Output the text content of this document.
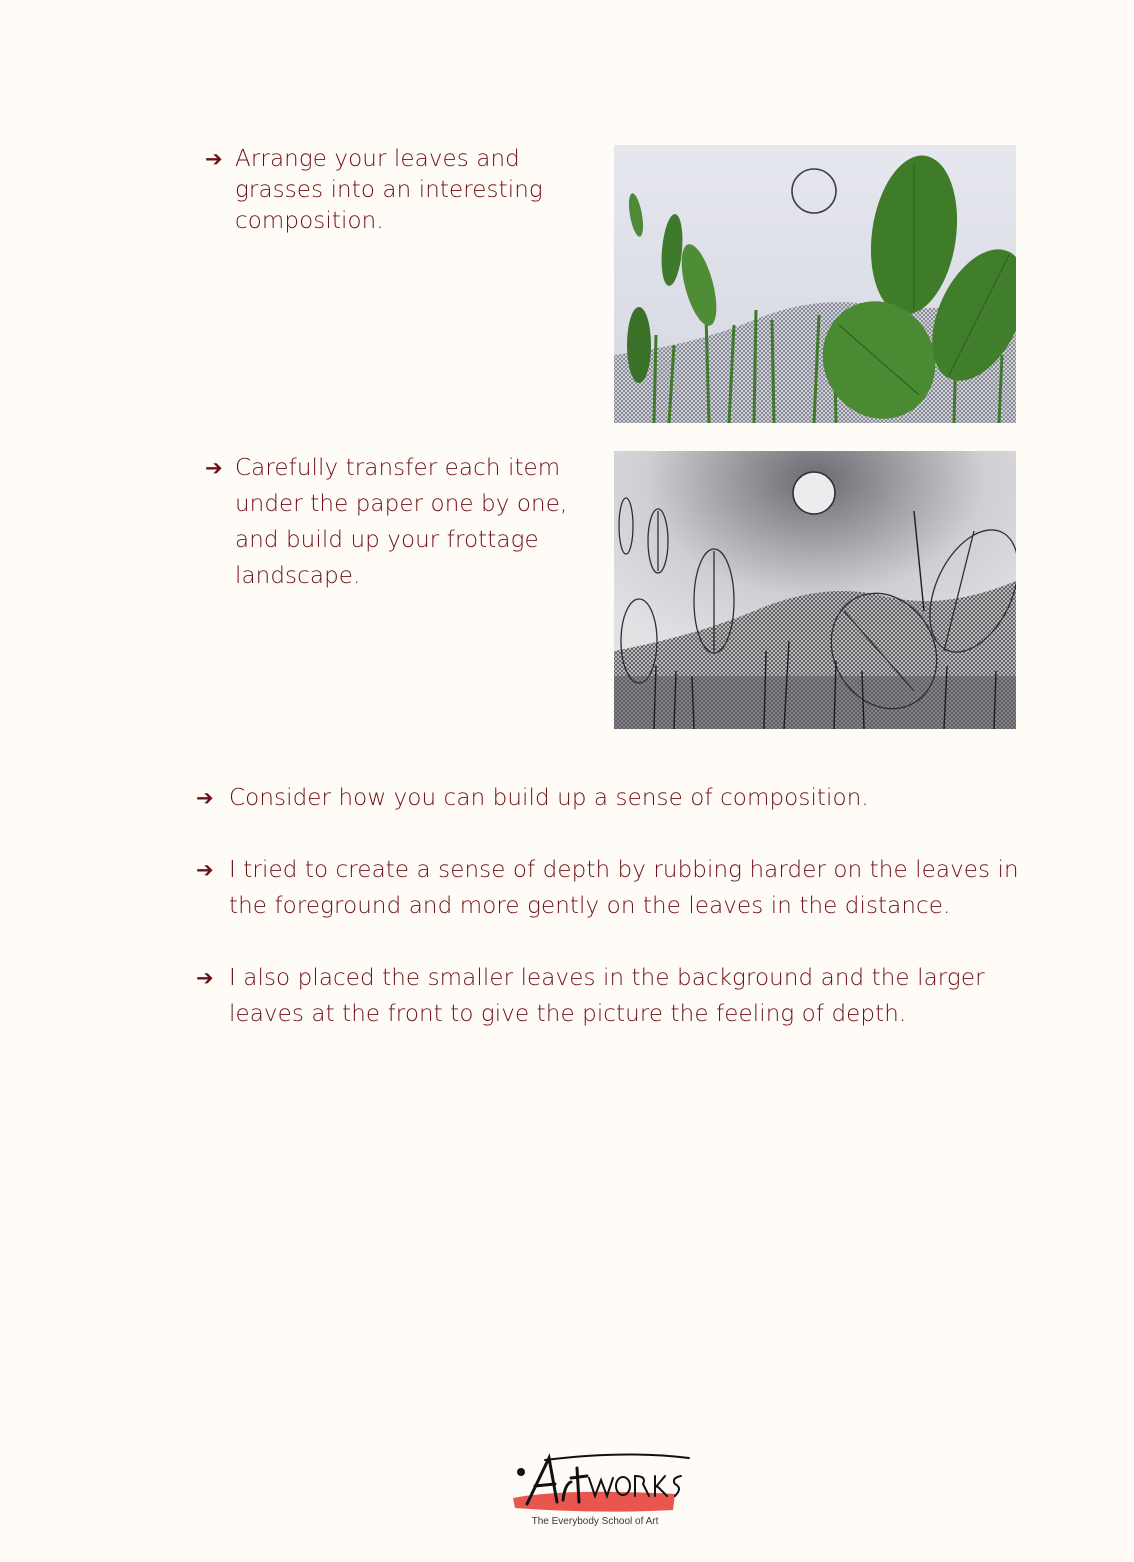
➔ Arrange your leaves and grasses into an interesting composition.
➔ Carefully transfer each item under the paper one by one, and build up your frottage landscape.
➔ Consider how you can build up a sense of composition.
➔ I tried to create a sense of depth by rubbing harder on the leaves in the foreground and more gently on the leaves in the distance.
➔ I also placed the smaller leaves in the background and the larger leaves at the front to give the picture the feeling of depth.
The Everybody School of Art
